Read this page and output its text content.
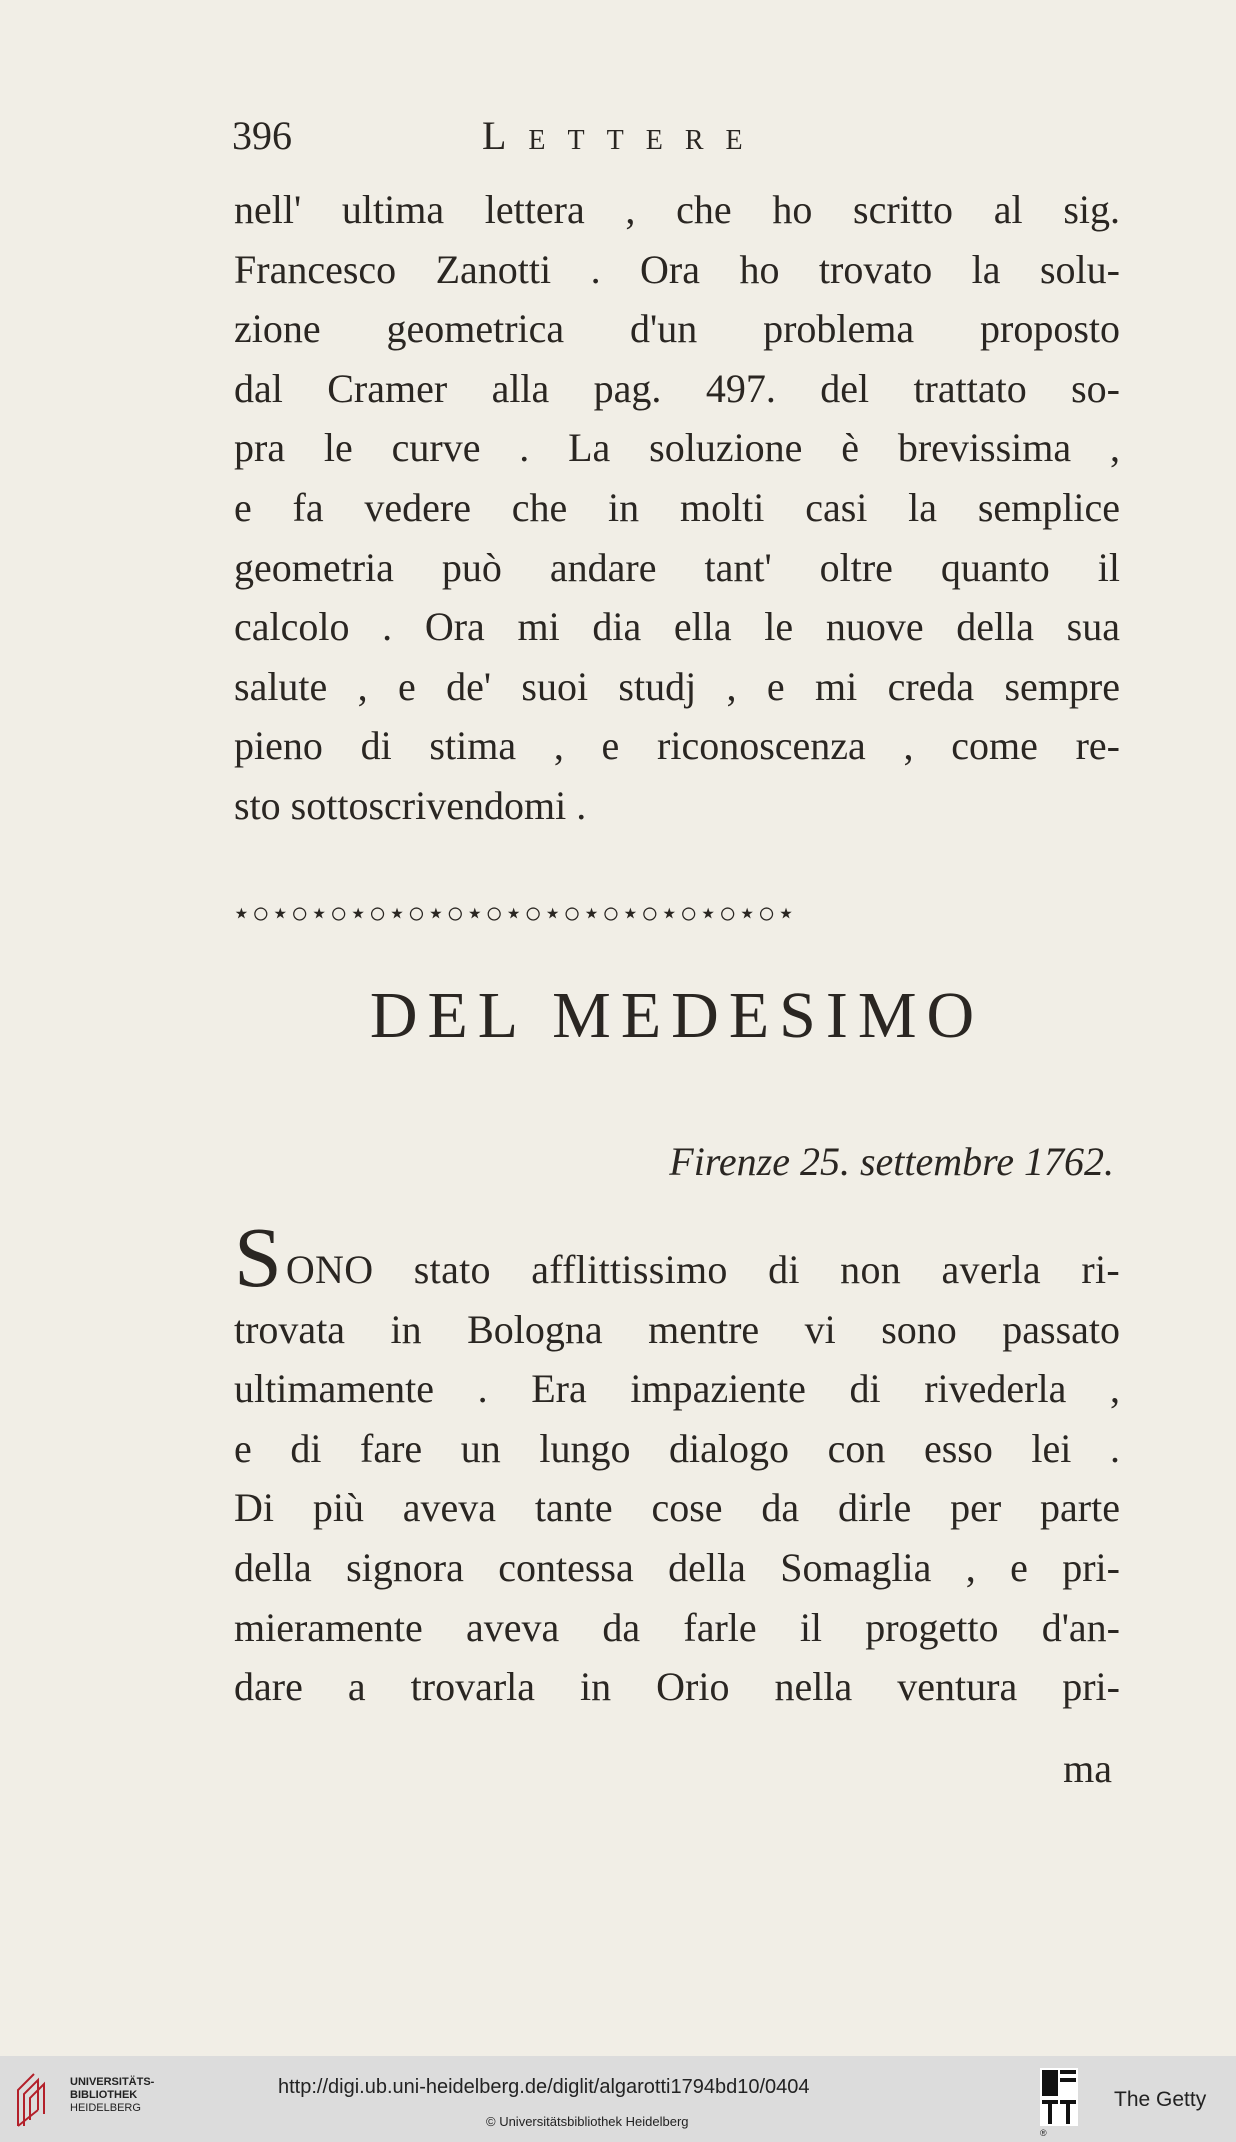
396	Lettere
nell' ultima lettera , che ho scritto al sig.
Francesco Zanotti . Ora ho trovato la solu-
zione geometrica d'un problema proposto
dal Cramer alla pag. 497. del trattato so-
pra le curve . La soluzione è brevissima ,
e fa vedere che in molti casi la semplice
geometria può andare tant' oltre quanto il
calcolo . Ora mi dia ella le nuove della sua
salute , e de' suoi studj , e mi creda sempre
pieno di stima , e riconoscenza , come re-
sto sottoscrivendomi .
⋆○⋆○⋆○⋆○⋆○⋆○⋆○⋆○⋆○⋆○⋆○⋆○⋆○⋆○⋆
DEL MEDESIMO
Firenze 25. settembre 1762.
S ONO stato afflittissimo di non averla ri-
trovata in Bologna mentre vi sono passato
ultimamente . Era impaziente di rivederla ,
e di fare un lungo dialogo con esso lei .
Di più aveva tante cose da dirle per parte
della signora contessa della Somaglia , e pri-
mieramente aveva da farle il progetto d'an-
dare a trovarla in Orio nella ventura pri-
ma
UNIVERSITÄTS-
BIBLIOTHEK
HEIDELBERG
http://digi.ub.uni-heidelberg.de/diglit/algarotti1794bd10/0404
© Universitätsbibliothek Heidelberg
®
The Getty
